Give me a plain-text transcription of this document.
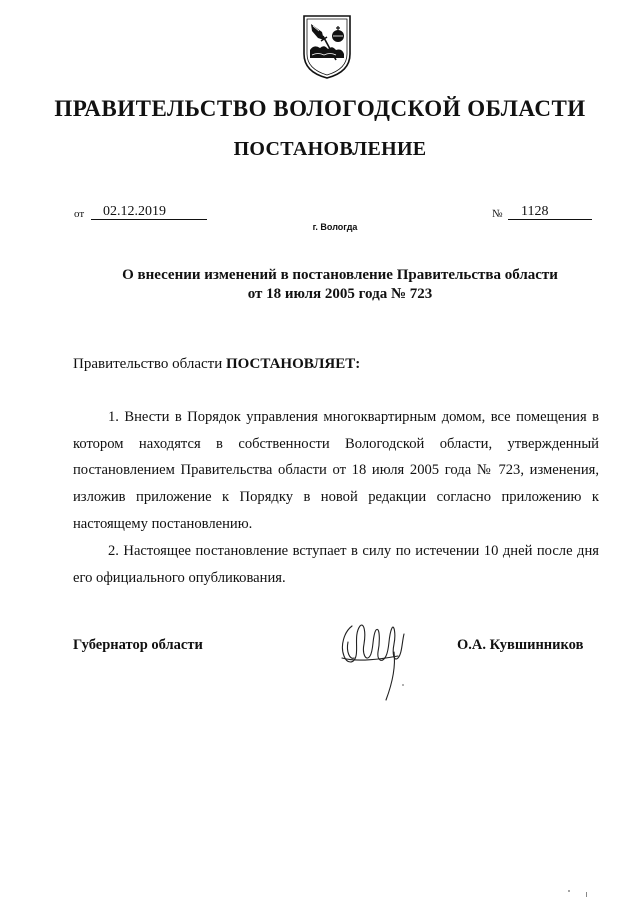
ПРАВИТЕЛЬСТВО ВОЛОГОДСКОЙ ОБЛАСТИ
ПОСТАНОВЛЕНИЕ
от 02.12.2019	№ 1128
г. Вологда
О внесении изменений в постановление Правительства области
от 18 июля 2005 года № 723
Правительство области ПОСТАНОВЛЯЕТ:

1. Внести в Порядок управления многоквартирным домом, все помещения в котором находятся в собственности Вологодской области, утвержденный постановлением Правительства области от 18 июля 2005 года № 723, изменения, изложив приложение к Порядку в новой редакции согласно приложению к настоящему постановлению.

2. Настоящее постановление вступает в силу по истечении 10 дней после дня его официального опубликования.

Губернатор области	О.А. Кувшинников
